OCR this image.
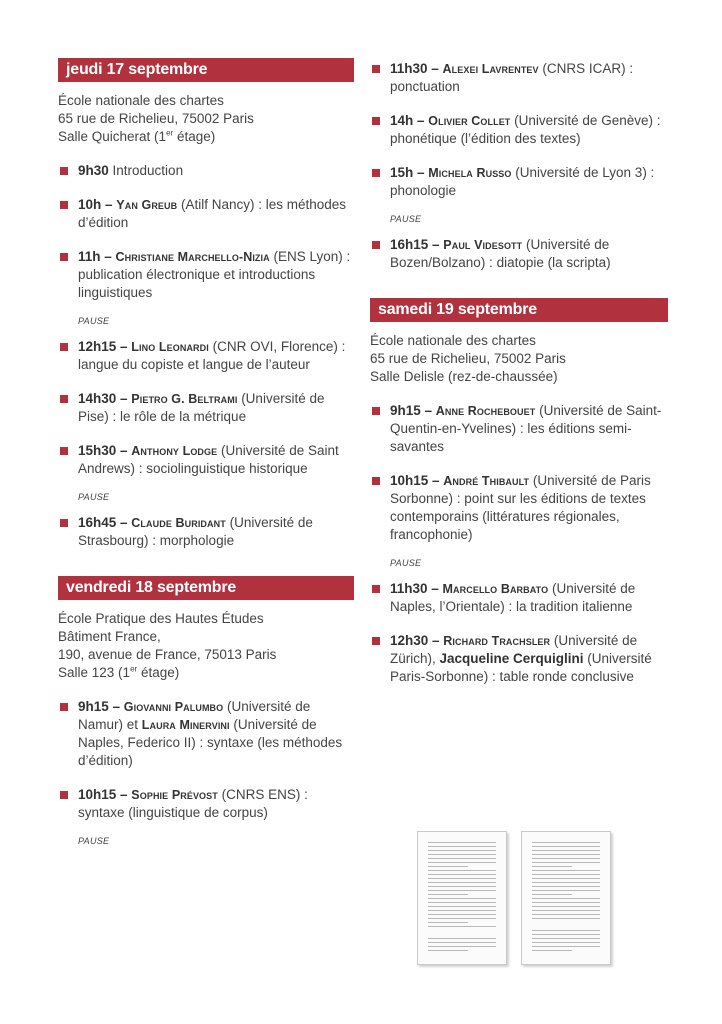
jeudi 17 septembre
École nationale des chartes
65 rue de Richelieu, 75002 Paris
Salle Quicherat (1er étage)
9h30 Introduction
10h – Yan Greub (Atilf Nancy) : les méthodes d’édition
11h – Christiane Marchello-Nizia (ENS Lyon) : publication électronique et introductions linguistiques
PAUSE
12h15 – Lino Leonardi (CNR OVI, Florence) : langue du copiste et langue de l’auteur
14h30 – Pietro G. Beltrami (Université de Pise) : le rôle de la métrique
15h30 – Anthony Lodge (Université de Saint Andrews) : sociolinguistique historique
PAUSE
16h45 – Claude Buridant (Université de Strasbourg) : morphologie
vendredi 18 septembre
École Pratique des Hautes Études
Bâtiment France,
190, avenue de France, 75013 Paris
Salle 123 (1er étage)
9h15 – Giovanni Palumbo (Université de Namur) et Laura Minervini (Université de Naples, Federico II) : syntaxe (les méthodes d’édition)
10h15 – Sophie Prévost (CNRS ENS) : syntaxe (linguistique de corpus)
PAUSE
11h30 – Alexei Lavrentev (CNRS ICAR) : ponctuation
14h – Olivier Collet (Université de Genève) : phonétique (l’édition des textes)
15h – Michela Russo (Université de Lyon 3) : phonologie
PAUSE
16h15 – Paul Videsott (Université de Bozen/Bolzano) : diatopie (la scripta)
samedi 19 septembre
École nationale des chartes
65 rue de Richelieu, 75002 Paris
Salle Delisle (rez-de-chaussée)
9h15 – Anne Rochebouet (Université de Saint-Quentin-en-Yvelines) : les éditions semi-savantes
10h15 – André Thibault (Université de Paris Sorbonne) : point sur les éditions de textes contemporains (littératures régionales, francophonie)
PAUSE
11h30 – Marcello Barbato (Université de Naples, l’Orientale) : la tradition italienne
12h30 – Richard Trachsler (Université de Zürich), Jacqueline Cerquiglini (Université Paris-Sorbonne) : table ronde conclusive
